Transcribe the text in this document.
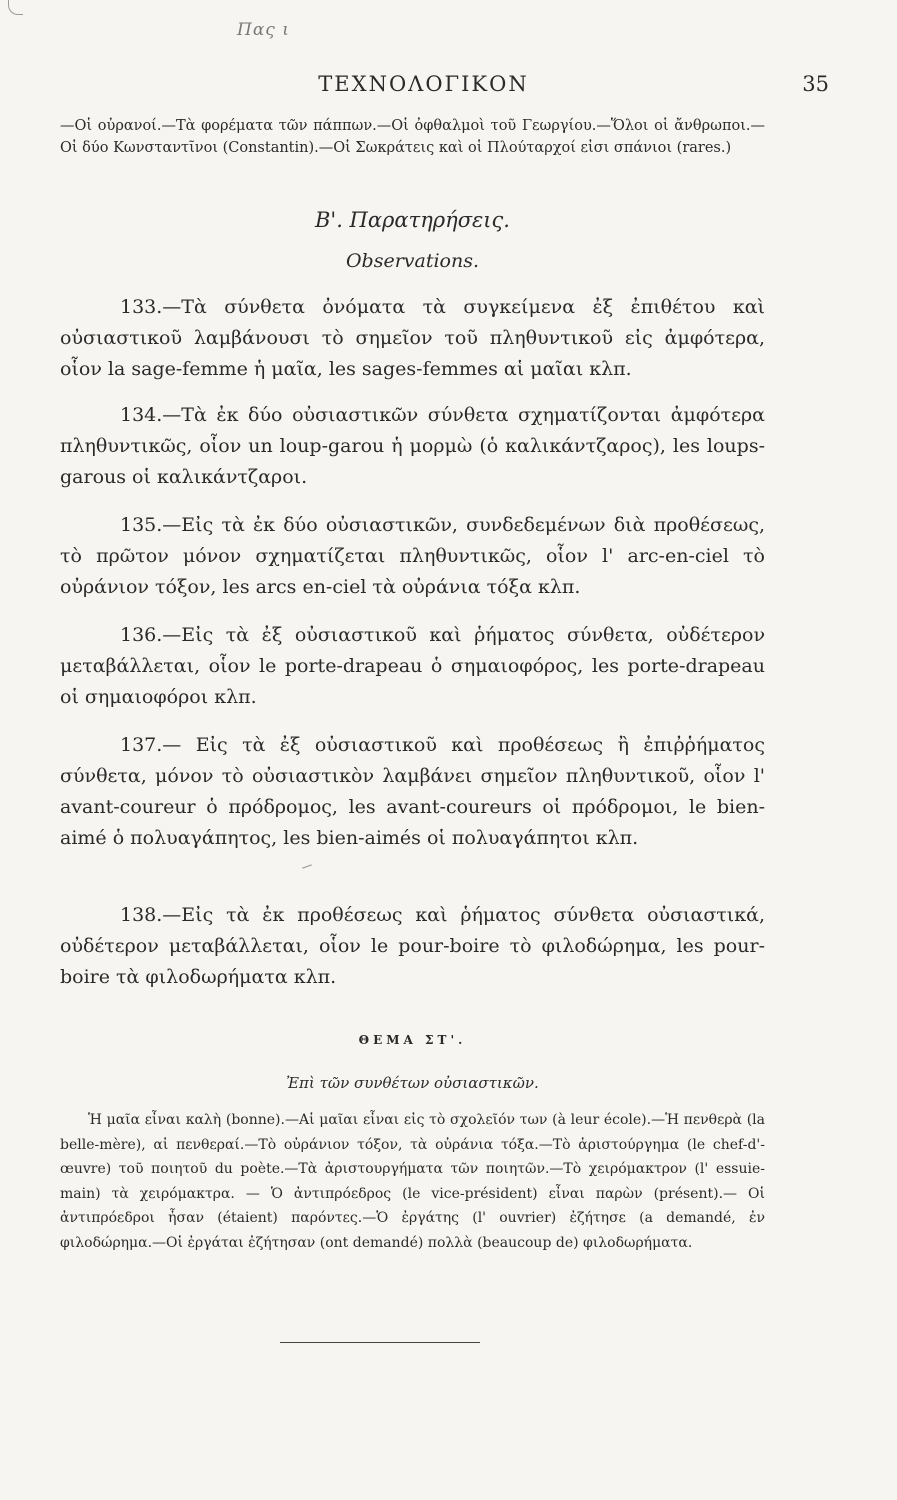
Πας ι
ΤΕΧΝΟΛΟΓΙΚΟΝ	35
—Οἱ οὐρανοί.—Τὰ φορέματα τῶν πάππων.—Οἱ ὀφθαλμοὶ τοῦ Γεωργίου.—Ὅλοι οἱ ἄνθρωποι.—Οἱ δύο Κωνσταντῖνοι (Constantin).—Οἱ Σωκράτεις καὶ οἱ Πλούταρχοί εἰσι σπάνιοι (rares.)
Β'. Παρατηρήσεις.
Observations.

133.—Τὰ σύνθετα ὀνόματα τὰ συγκείμενα ἐξ ἐπιθέτου καὶ οὐσιαστικοῦ λαμβάνουσι τὸ σημεῖον τοῦ πληθυντικοῦ εἰς ἀμφότερα, οἷον la sage-femme ἡ μαῖα, les sages-femmes αἱ μαῖαι κλπ.

134.—Τὰ ἐκ δύο οὐσιαστικῶν σύνθετα σχηματίζονται ἀμφότερα πληθυντικῶς, οἷον un loup-garou ἡ μορμὼ (ὁ καλικάντζαρος), les loups-garous οἱ καλικάντζαροι.

135.—Εἰς τὰ ἐκ δύο οὐσιαστικῶν, συνδεδεμένων διὰ προθέσεως, τὸ πρῶτον μόνον σχηματίζεται πληθυντικῶς, οἷον l' arc-en-ciel τὸ οὐράνιον τόξον, les arcs en-ciel τὰ οὐράνια τόξα κλπ.

136.—Εἰς τὰ ἐξ οὐσιαστικοῦ καὶ ῥήματος σύνθετα, οὐδέτερον μεταβάλλεται, οἷον le porte-drapeau ὁ σημαιοφόρος, les porte-drapeau οἱ σημαιοφόροι κλπ.

137.— Εἰς τὰ ἐξ οὐσιαστικοῦ καὶ προθέσεως ἢ ἐπιῤῥήματος σύνθετα, μόνον τὸ οὐσιαστικὸν λαμβάνει σημεῖον πληθυντικοῦ, οἷον l' avant-coureur ὁ πρόδρομος, les avant-coureurs οἱ πρόδρομοι, le bien-aimé ὁ πολυαγάπητος, les bien-aimés οἱ πολυαγάπητοι κλπ.

138.—Εἰς τὰ ἐκ προθέσεως καὶ ῥήματος σύνθετα οὐσιαστικά, οὐδέτερον μεταβάλλεται, οἷον le pour-boire τὸ φιλοδώρημα, les pour-boire τὰ φιλοδωρήματα κλπ.

ΘΕΜΑ ΣΤ'.
Ἐπὶ τῶν συνθέτων οὐσιαστικῶν.

Ἡ μαῖα εἶναι καλὴ (bonne).—Αἱ μαῖαι εἶναι εἰς τὸ σχολεῖόν των (à leur école).—Ἡ πενθερὰ (la belle-mère), αἱ πενθεραί.—Τὸ οὐράνιον τόξον, τὰ οὐράνια τόξα.—Τὸ ἀριστούργημα (le chef-d'-œuvre) τοῦ ποιητοῦ du poète.—Τὰ ἀριστουργήματα τῶν ποιητῶν.—Τὸ χειρόμακτρον (l' essuie-main) τὰ χειρόμακτρα. — Ὁ ἀντιπρόεδρος (le vice-président) εἶναι παρὼν (présent).— Οἱ ἀντιπρόεδροι ἦσαν (étaient) παρόντες.—Ὁ ἐργάτης (l' ouvrier) ἐζήτησε (a demandé, ἐν φιλοδώρημα.—Οἱ ἐργάται ἐζήτησαν (ont demandé) πολλὰ (beaucoup de) φιλοδωρήματα.
